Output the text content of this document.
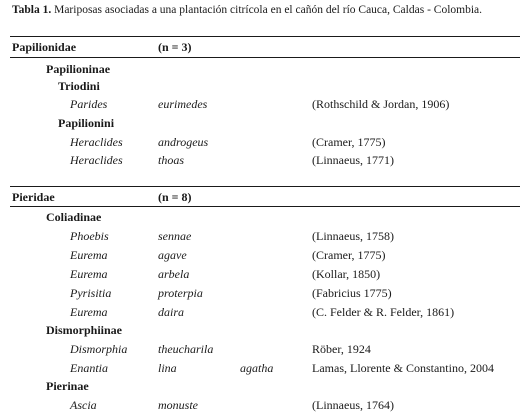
Tabla 1. Mariposas asociadas a una plantación citrícola en el cañón del río Cauca, Caldas - Colombia.
Papilionidae	(n = 3)
Papilioninae
Triodini
Parides	eurimedes	(Rothschild & Jordan, 1906)
Papilionini
Heraclides	androgeus	(Cramer, 1775)
Heraclides	thoas	(Linnaeus, 1771)
Pieridae	(n = 8)
Coliadinae
Phoebis	sennae	(Linnaeus, 1758)
Eurema	agave	(Cramer, 1775)
Eurema	arbela	(Kollar, 1850)
Pyrisitia	proterpia	(Fabricius 1775)
Eurema	daira	(C. Felder & R. Felder, 1861)
Dismorphiinae
Dismorphia	theucharila	Röber, 1924
Enantia	lina	agatha	Lamas, Llorente & Constantino, 2004
Pierinae
Ascia	monuste	(Linnaeus, 1764)
